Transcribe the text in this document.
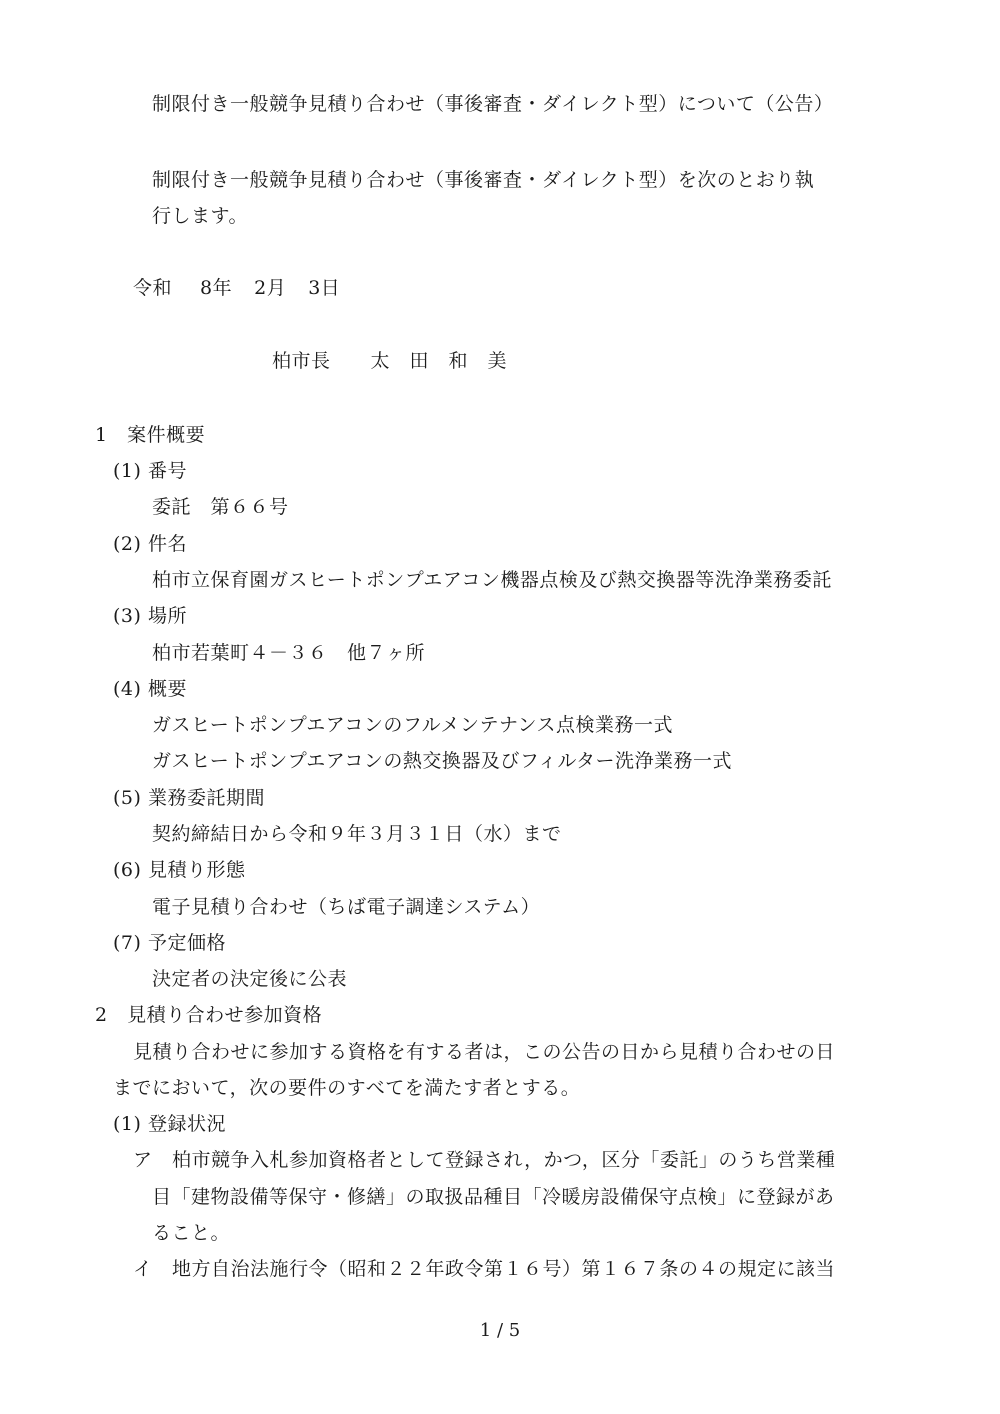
制限付き一般競争見積り合わせ（事後審査・ダイレクト型）について（公告）
制限付き一般競争見積り合わせ（事後審査・ダイレクト型）を次のとおり執
行します。
令和 8年 2月 3日
柏市長 太　田　和　美
1　案件概要
(1) 番号
委託　第６６号
(2) 件名
柏市立保育園ガスヒートポンプエアコン機器点検及び熱交換器等洗浄業務委託
(3) 場所
柏市若葉町４－３６　他７ヶ所
(4) 概要
ガスヒートポンプエアコンのフルメンテナンス点検業務一式
ガスヒートポンプエアコンの熱交換器及びフィルター洗浄業務一式
(5) 業務委託期間
契約締結日から令和９年３月３１日（水）まで
(6) 見積り形態
電子見積り合わせ（ちば電子調達システム）
(7) 予定価格
決定者の決定後に公表
2　見積り合わせ参加資格
見積り合わせに参加する資格を有する者は，この公告の日から見積り合わせの日
までにおいて，次の要件のすべてを満たす者とする。
(1) 登録状況
ア　柏市競争入札参加資格者として登録され，かつ，区分「委託」のうち営業種
目「建物設備等保守・修繕」の取扱品種目「冷暖房設備保守点検」に登録があ
ること。
イ　地方自治法施行令（昭和２２年政令第１６号）第１６７条の４の規定に該当
1 / 5
